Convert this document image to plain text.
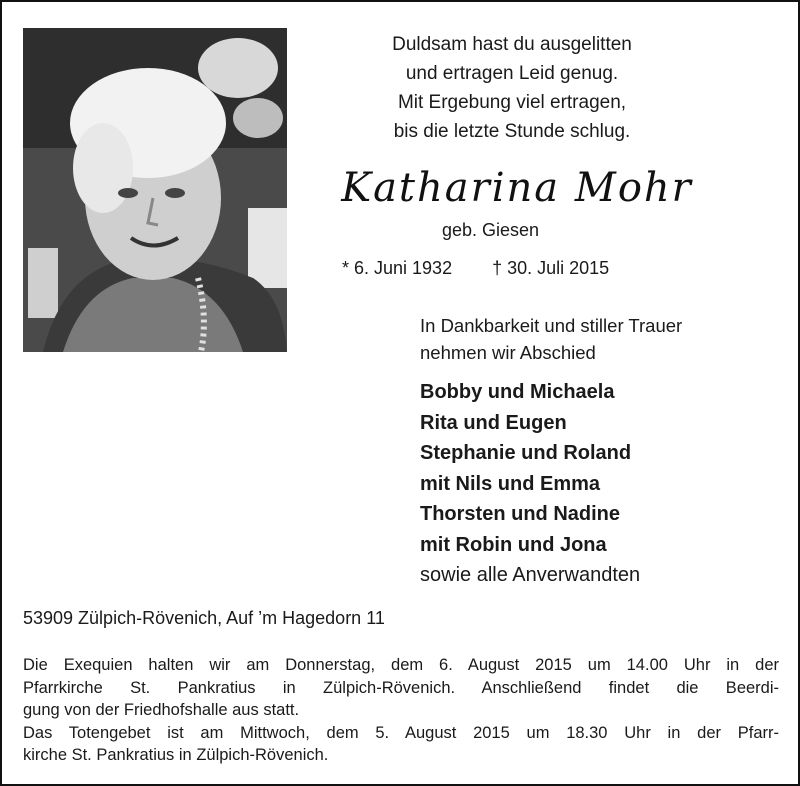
Duldsam hast du ausgelitten
und ertragen Leid genug.
Mit Ergebung viel ertragen,
bis die letzte Stunde schlug.
Katharina Mohr
geb. Giesen
* 6. Juni 1932 † 30. Juli 2015
In Dankbarkeit und stiller Trauer
nehmen wir Abschied
Bobby und Michaela
Rita und Eugen
Stephanie und Roland
mit Nils und Emma
Thorsten und Nadine
mit Robin und Jona
sowie alle Anverwandten
53909 Zülpich-Rövenich, Auf ’m Hagedorn 11
Die Exequien halten wir am Donnerstag, dem 6. August 2015 um 14.00 Uhr in der
Pfarrkirche St. Pankratius in Zülpich-Rövenich. Anschließend findet die Beerdi-
gung von der Friedhofshalle aus statt.
Das Totengebet ist am Mittwoch, dem 5. August 2015 um 18.30 Uhr in der Pfarr-
kirche St. Pankratius in Zülpich-Rövenich.
